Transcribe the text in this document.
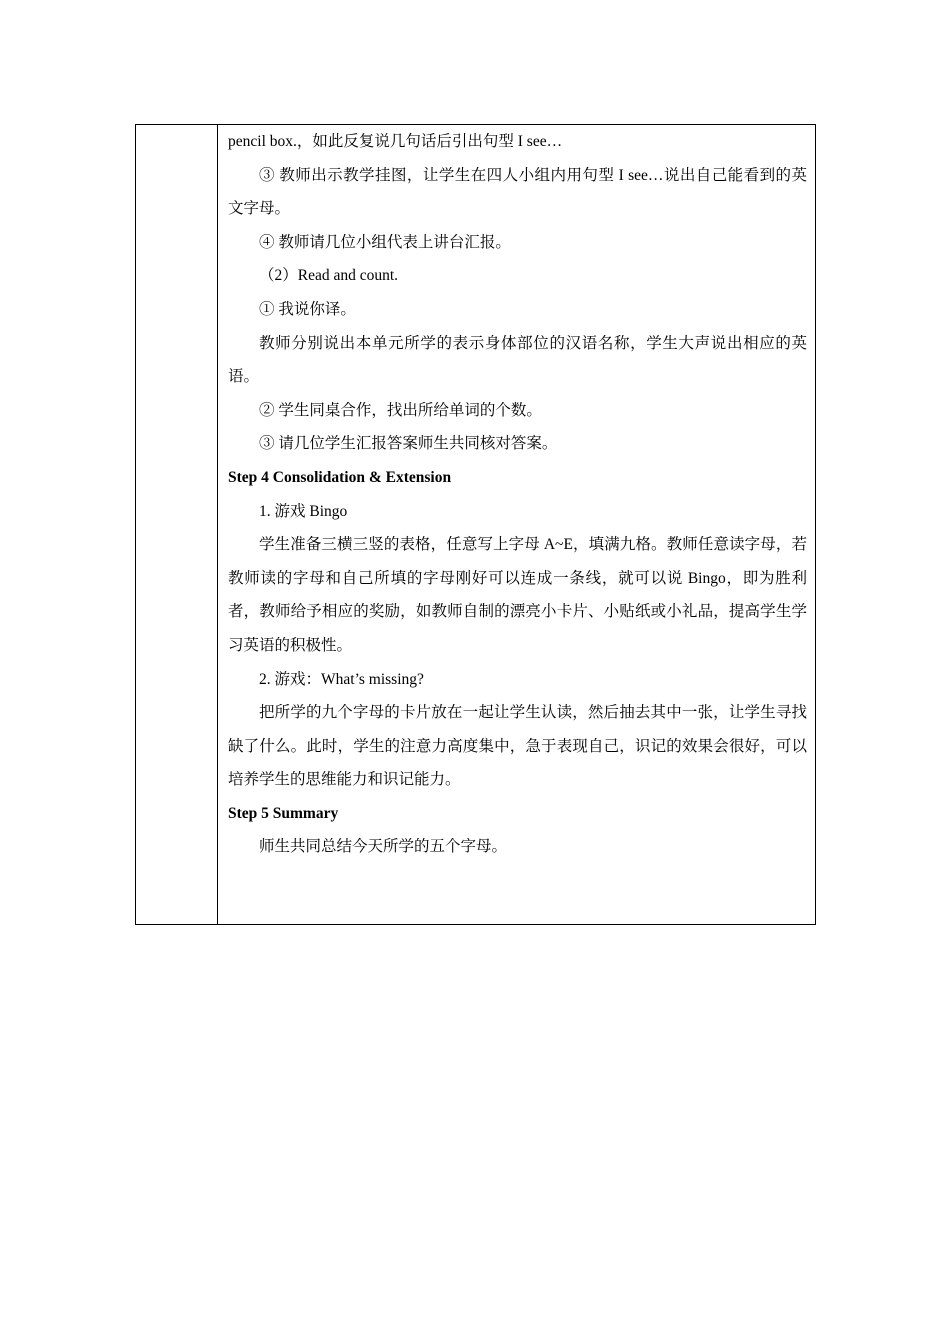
pencil box.，如此反复说几句话后引出句型 I see…

③ 教师出示教学挂图，让学生在四人小组内用句型 I see…说出自己能看到的英文字母。

④ 教师请几位小组代表上讲台汇报。

（2）Read and count.

① 我说你译。

教师分别说出本单元所学的表示身体部位的汉语名称，学生大声说出相应的英语。

② 学生同桌合作，找出所给单词的个数。

③ 请几位学生汇报答案师生共同核对答案。

Step 4 Consolidation & Extension

1. 游戏 Bingo

学生准备三横三竖的表格，任意写上字母 A~E，填满九格。教师任意读字母，若教师读的字母和自己所填的字母刚好可以连成一条线，就可以说 Bingo，即为胜利者，教师给予相应的奖励，如教师自制的漂亮小卡片、小贴纸或小礼品，提高学生学习英语的积极性。

2. 游戏：What’s missing?

把所学的九个字母的卡片放在一起让学生认读，然后抽去其中一张，让学生寻找缺了什么。此时，学生的注意力高度集中，急于表现自己，识记的效果会很好，可以培养学生的思维能力和识记能力。

Step 5 Summary

师生共同总结今天所学的五个字母。
